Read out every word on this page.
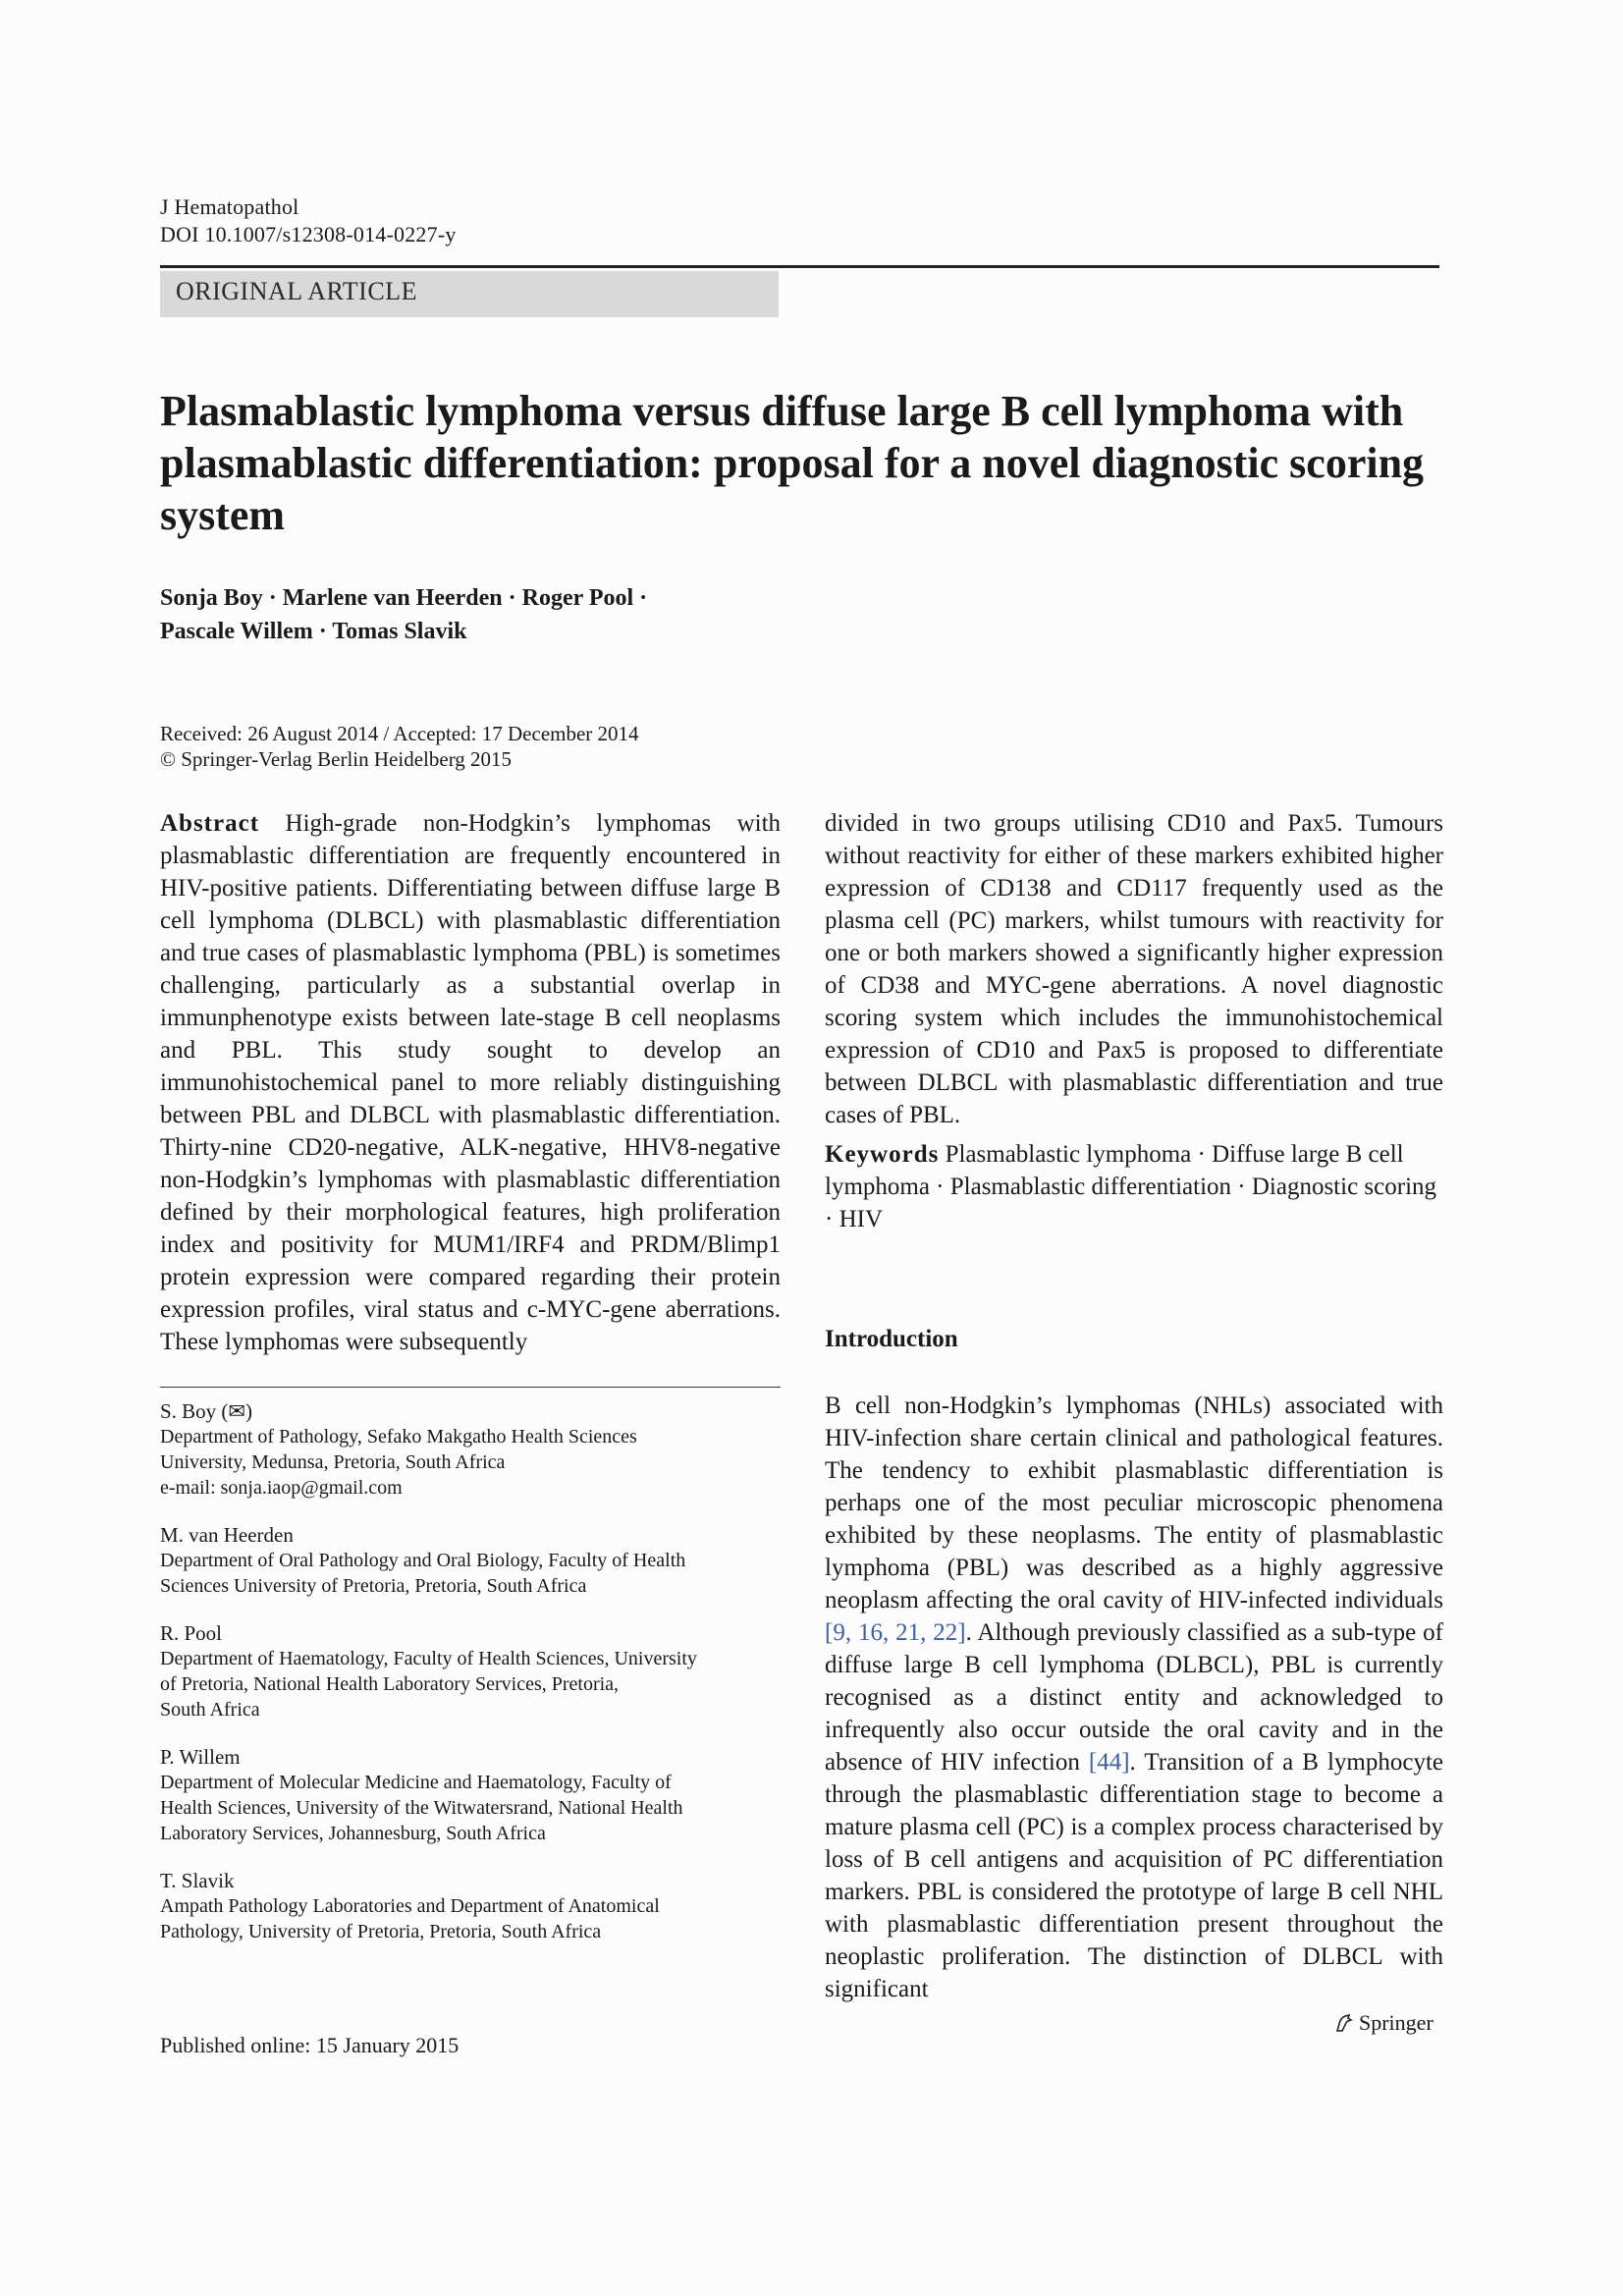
J Hematopathol
DOI 10.1007/s12308-014-0227-y
ORIGINAL ARTICLE
Plasmablastic lymphoma versus diffuse large B cell lymphoma with plasmablastic differentiation: proposal for a novel diagnostic scoring system
Sonja Boy · Marlene van Heerden · Roger Pool ·
Pascale Willem · Tomas Slavik
Received: 26 August 2014 / Accepted: 17 December 2014
© Springer-Verlag Berlin Heidelberg 2015
Abstract High-grade non-Hodgkin’s lymphomas with plasmablastic differentiation are frequently encountered in HIV-positive patients. Differentiating between diffuse large B cell lymphoma (DLBCL) with plasmablastic differentiation and true cases of plasmablastic lymphoma (PBL) is sometimes challenging, particularly as a substantial overlap in immunphenotype exists between late-stage B cell neoplasms and PBL. This study sought to develop an immunohistochemical panel to more reliably distinguishing between PBL and DLBCL with plasmablastic differentiation. Thirty-nine CD20-negative, ALK-negative, HHV8-negative non-Hodgkin’s lymphomas with plasmablastic differentiation defined by their morphological features, high proliferation index and positivity for MUM1/IRF4 and PRDM/Blimp1 protein expression were compared regarding their protein expression profiles, viral status and c-MYC-gene aberrations. These lymphomas were subsequently
divided in two groups utilising CD10 and Pax5. Tumours without reactivity for either of these markers exhibited higher expression of CD138 and CD117 frequently used as the plasma cell (PC) markers, whilst tumours with reactivity for one or both markers showed a significantly higher expression of CD38 and MYC-gene aberrations. A novel diagnostic scoring system which includes the immunohistochemical expression of CD10 and Pax5 is proposed to differentiate between DLBCL with plasmablastic differentiation and true cases of PBL.
Keywords Plasmablastic lymphoma · Diffuse large B cell lymphoma · Plasmablastic differentiation · Diagnostic scoring · HIV
Introduction
B cell non-Hodgkin’s lymphomas (NHLs) associated with HIV-infection share certain clinical and pathological features. The tendency to exhibit plasmablastic differentiation is perhaps one of the most peculiar microscopic phenomena exhibited by these neoplasms. The entity of plasmablastic lymphoma (PBL) was described as a highly aggressive neoplasm affecting the oral cavity of HIV-infected individuals [9, 16, 21, 22]. Although previously classified as a sub-type of diffuse large B cell lymphoma (DLBCL), PBL is currently recognised as a distinct entity and acknowledged to infrequently also occur outside the oral cavity and in the absence of HIV infection [44]. Transition of a B lymphocyte through the plasmablastic differentiation stage to become a mature plasma cell (PC) is a complex process characterised by loss of B cell antigens and acquisition of PC differentiation markers. PBL is considered the prototype of large B cell NHL with plasmablastic differentiation present throughout the neoplastic proliferation. The distinction of DLBCL with significant
S. Boy (✉)
Department of Pathology, Sefako Makgatho Health Sciences
University, Medunsa, Pretoria, South Africa
e-mail: sonja.iaop@gmail.com
M. van Heerden
Department of Oral Pathology and Oral Biology, Faculty of Health
Sciences University of Pretoria, Pretoria, South Africa
R. Pool
Department of Haematology, Faculty of Health Sciences, University
of Pretoria, National Health Laboratory Services, Pretoria,
South Africa
P. Willem
Department of Molecular Medicine and Haematology, Faculty of
Health Sciences, University of the Witwatersrand, National Health
Laboratory Services, Johannesburg, South Africa
T. Slavik
Ampath Pathology Laboratories and Department of Anatomical
Pathology, University of Pretoria, Pretoria, South Africa
Springer
Published online: 15 January 2015
